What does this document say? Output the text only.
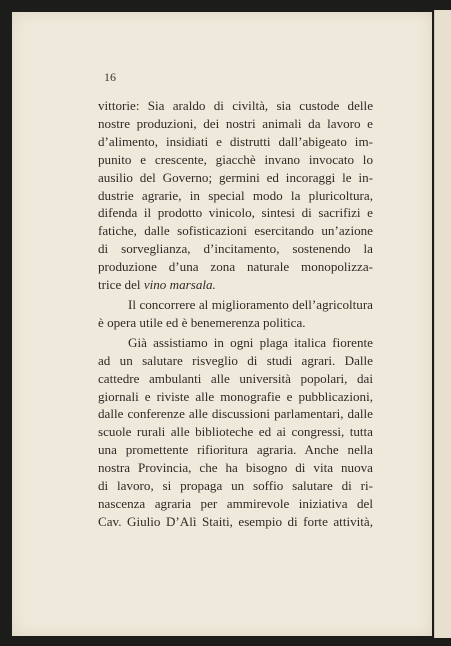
16
vittorie: Sia araldo di civiltà, sia custode delle
nostre produzioni, dei nostri animali da lavoro e
d’alimento, insidiati e distrutti dall’abigeato im-
punito e crescente, giacchè invano invocato lo
ausilio del Governo; germini ed incoraggi le in-
dustrie agrarie, in special modo la pluricoltura,
difenda il prodotto vinicolo, sintesi di sacrifizi e
fatiche, dalle sofisticazioni esercitando un’azione
di sorveglianza, d’incitamento, sostenendo la
produzione d’una zona naturale monopolizza-
trice del vino marsala.
Il concorrere al miglioramento dell’agricoltura
è opera utile ed è benemerenza politica.
Già assistiamo in ogni plaga italica fiorente
ad un salutare risveglio di studi agrari. Dalle
cattedre ambulanti alle università popolari, dai
giornali e riviste alle monografie e pubblicazioni,
dalle conferenze alle discussioni parlamentari, dalle
scuole rurali alle biblioteche ed ai congressi, tutta
una promettente rifioritura agraria. Anche nella
nostra Provincia, che ha bisogno di vita nuova
di lavoro, si propaga un soffio salutare di ri-
nascenza agraria per ammirevole iniziativa del
Cav. Giulio D’Alì Staiti, esempio di forte attività,
